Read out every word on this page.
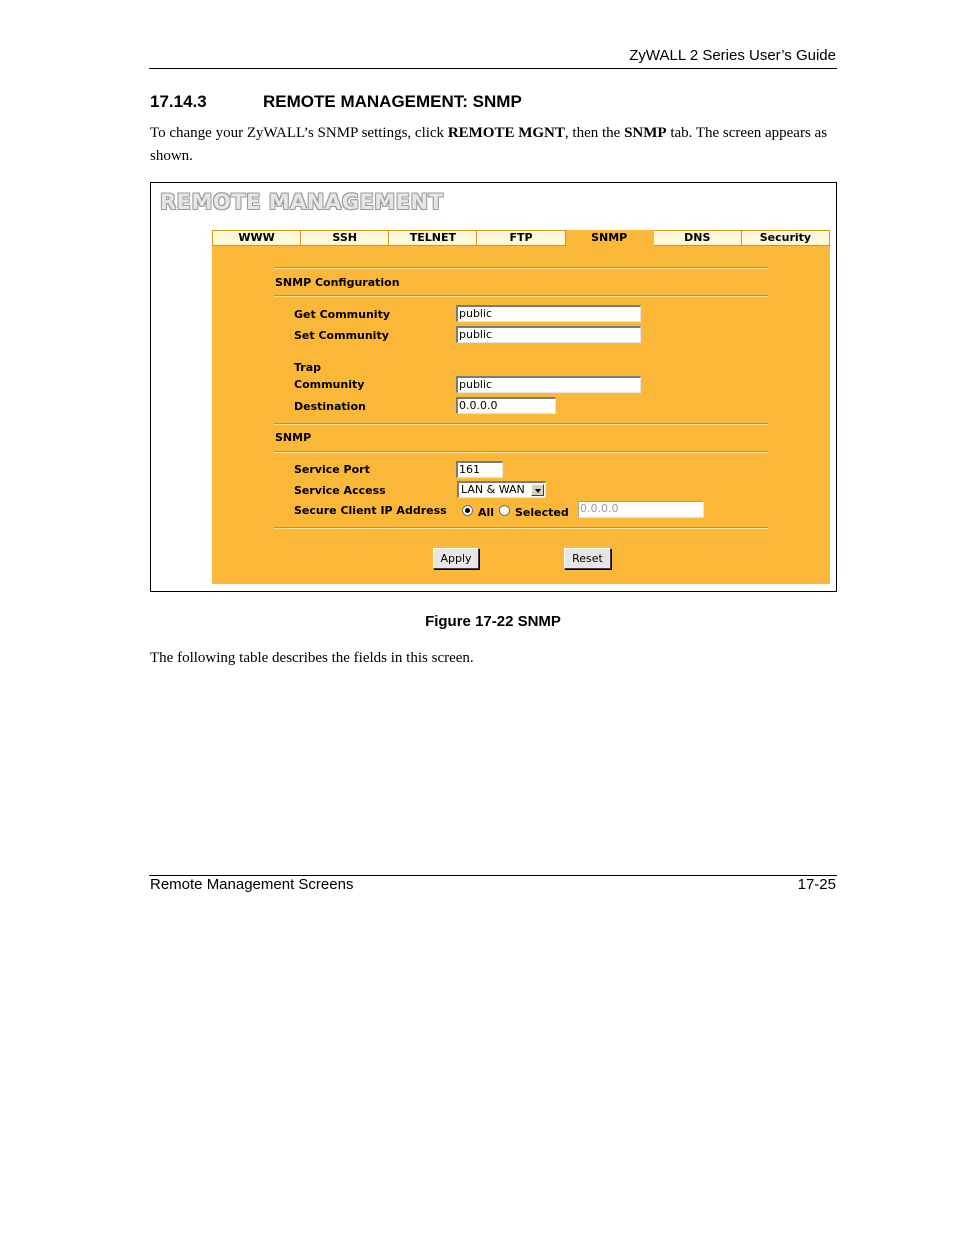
ZyWALL 2 Series User’s Guide
17.14.3	REMOTE MANAGEMENT: SNMP
To change your ZyWALL’s SNMP settings, click REMOTE MGNT, then the SNMP tab. The screen appears as shown.
REMOTE MANAGEMENT
WWW	SSH	TELNET	FTP	SNMP	DNS	Security
SNMP Configuration
Get Community	public
Set Community	public
Trap
Community	public
Destination	0.0.0.0
SNMP
Service Port	161
Service Access	LAN & WAN
Secure Client IP Address	All Selected 0.0.0.0
Apply	Reset
Figure 17-22 SNMP
The following table describes the fields in this screen.
Remote Management Screens	17-25
